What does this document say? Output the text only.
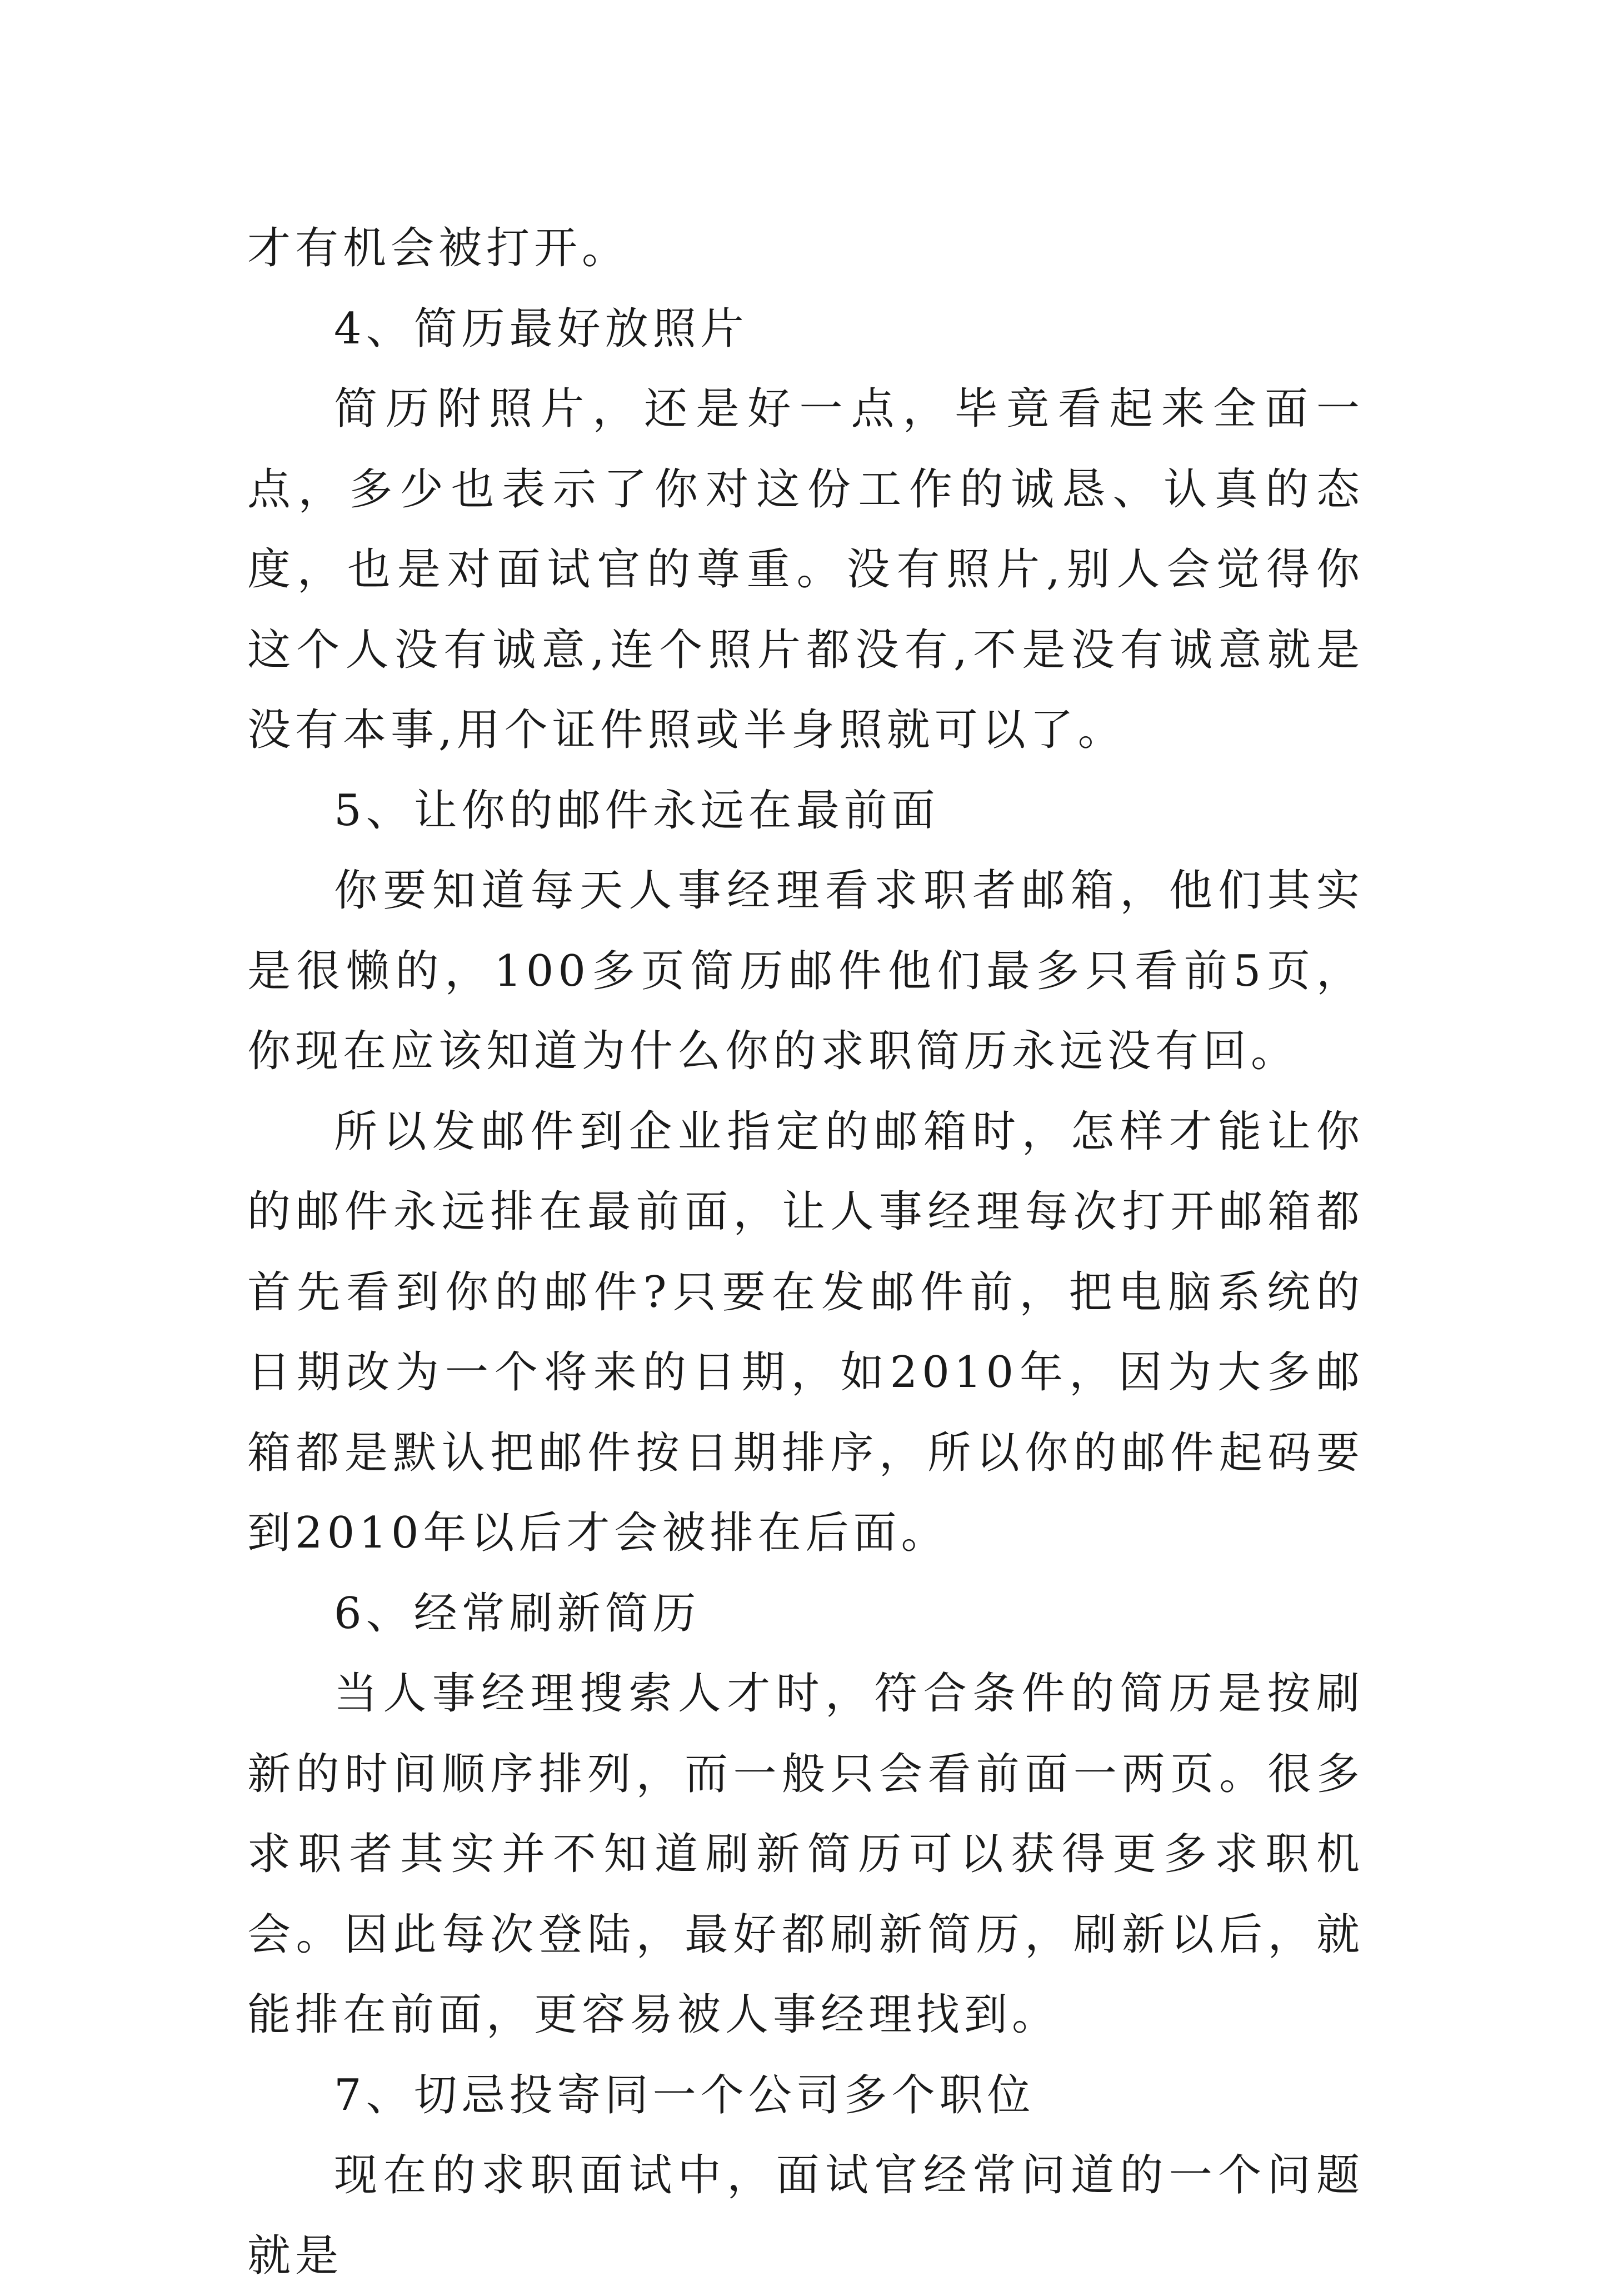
才有机会被打开。

4、简历最好放照片

简历附照片，还是好一点，毕竟看起来全面一点，多少也表示了你对这份工作的诚恳、认真的态度，也是对面试官的尊重。没有照片,别人会觉得你这个人没有诚意,连个照片都没有,不是没有诚意就是没有本事,用个证件照或半身照就可以了。

5、让你的邮件永远在最前面

你要知道每天人事经理看求职者邮箱，他们其实是很懒的，100多页简历邮件他们最多只看前5页，你现在应该知道为什么你的求职简历永远没有回。

所以发邮件到企业指定的邮箱时，怎样才能让你的邮件永远排在最前面，让人事经理每次打开邮箱都首先看到你的邮件?只要在发邮件前，把电脑系统的日期改为一个将来的日期，如2010年，因为大多邮箱都是默认把邮件按日期排序，所以你的邮件起码要到2010年以后才会被排在后面。

6、经常刷新简历

当人事经理搜索人才时，符合条件的简历是按刷新的时间顺序排列，而一般只会看前面一两页。很多求职者其实并不知道刷新简历可以获得更多求职机会。因此每次登陆，最好都刷新简历，刷新以后，就能排在前面，更容易被人事经理找到。

7、切忌投寄同一个公司多个职位

现在的求职面试中，面试官经常问道的一个问题就是
